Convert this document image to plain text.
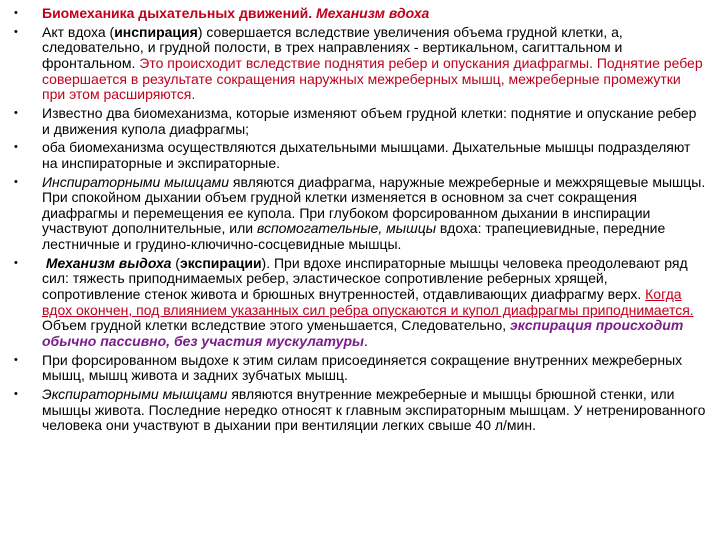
• Биомеханика дыхательных движений. Механизм вдоха
• Акт вдоха (инспирация) совершается вследствие увеличения объема грудной клетки, а, следовательно, и грудной полости, в трех направлениях - вертикальном, сагиттальном и фронтальном. Это происходит вследствие поднятия ребер и опускания диафрагмы. Поднятие ребер совершается в результате сокращения наружных межреберных мышц, межреберные промежутки при этом расширяются.
• Известно два биомеханизма, которые изменяют объем грудной клетки: поднятие и опускание ребер и движения купола диафрагмы;
• оба биомеханизма осуществляются дыхательными мышцами. Дыхательные мышцы подразделяют на инспираторные и экспираторные.
• Инспираторными мышцами являются диафрагма, наружные межреберные и межхрящевые мышцы. При спокойном дыхании объем грудной клетки изменяется в основном за счет сокращения диафрагмы и перемещения ее купола. При глубоком форсированном дыхании в инспирации участвуют дополнительные, или вспомогательные, мышцы вдоха: трапециевидные, передние лестничные и грудино-ключично-сосцевидные мышцы.
• Механизм выдоха (экспирации). При вдохе инспираторные мышцы человека преодолевают ряд сил: тяжесть приподнимаемых ребер, эластическое сопротивление реберных хрящей, сопротивление стенок живота и брюшных внутренностей, отдавливающих диафрагму верх. Когда вдох окончен, под влиянием указанных сил ребра опускаются и купол диафрагмы приподнимается. Объем грудной клетки вследствие этого уменьшается, Следовательно, экспирация происходит обычно пассивно, без участия мускулатуры.
• При форсированном выдохе к этим силам присоединяется сокращение внутренних межреберных мышц, мышц живота и задних зубчатых мышц.
• Экспираторными мышцами являются внутренние межреберные и мышцы брюшной стенки, или мышцы живота. Последние нередко относят к главным экспираторным мышцам. У нетренированного человека они участвуют в дыхании при вентиляции легких свыше 40 л/мин.
